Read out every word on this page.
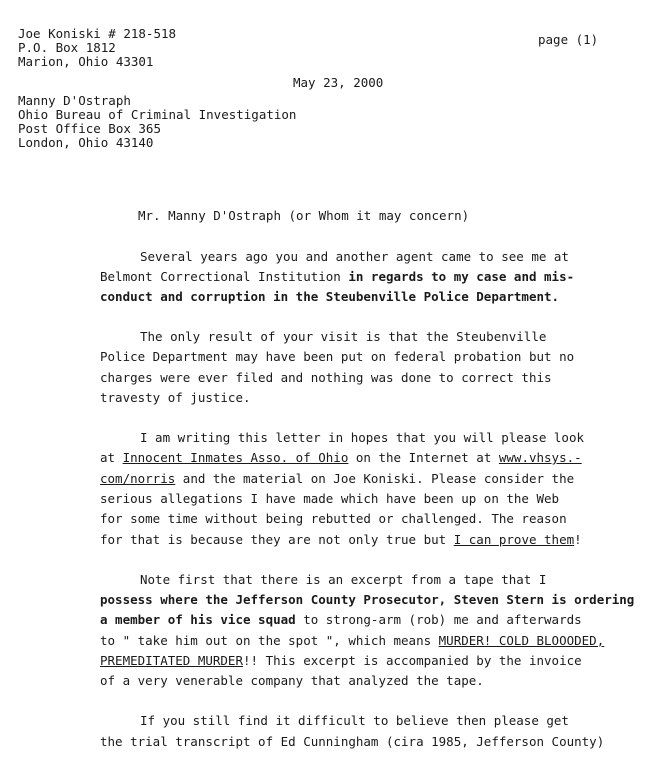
Joe Koniski # 218-518
P.O. Box 1812
Marion, Ohio 43301
page (1)
May 23, 2000
Manny D'Ostraph
Ohio Bureau of Criminal Investigation
Post Office Box 365
London, Ohio 43140
Mr. Manny D'Ostraph (or Whom it may concern)
Several years ago you and another agent came to see me at
Belmont Correctional Institution in regards to my case and mis-
conduct and corruption in the Steubenville Police Department.
The only result of your visit is that the Steubenville
Police Department may have been put on federal probation but no
charges were ever filed and nothing was done to correct this
travesty of justice.
I am writing this letter in hopes that you will please look
at Innocent Inmates Asso. of Ohio on the Internet at www.vhsys.-
com/norris and the material on Joe Koniski. Please consider the
serious allegations I have made which have been up on the Web
for some time without being rebutted or challenged. The reason
for that is because they are not only true but I can prove them!
Note first that there is an excerpt from a tape that I
possess where the Jefferson County Prosecutor, Steven Stern is ordering
a member of his vice squad to strong-arm (rob) me and afterwards
to " take him out on the spot ", which means MURDER! COLD BLOOODED,
PREMEDITATED MURDER!! This excerpt is accompanied by the invoice
of a very venerable company that analyzed the tape.
If you still find it difficult to believe then please get
the trial transcript of Ed Cunningham (cira 1985, Jefferson County)
